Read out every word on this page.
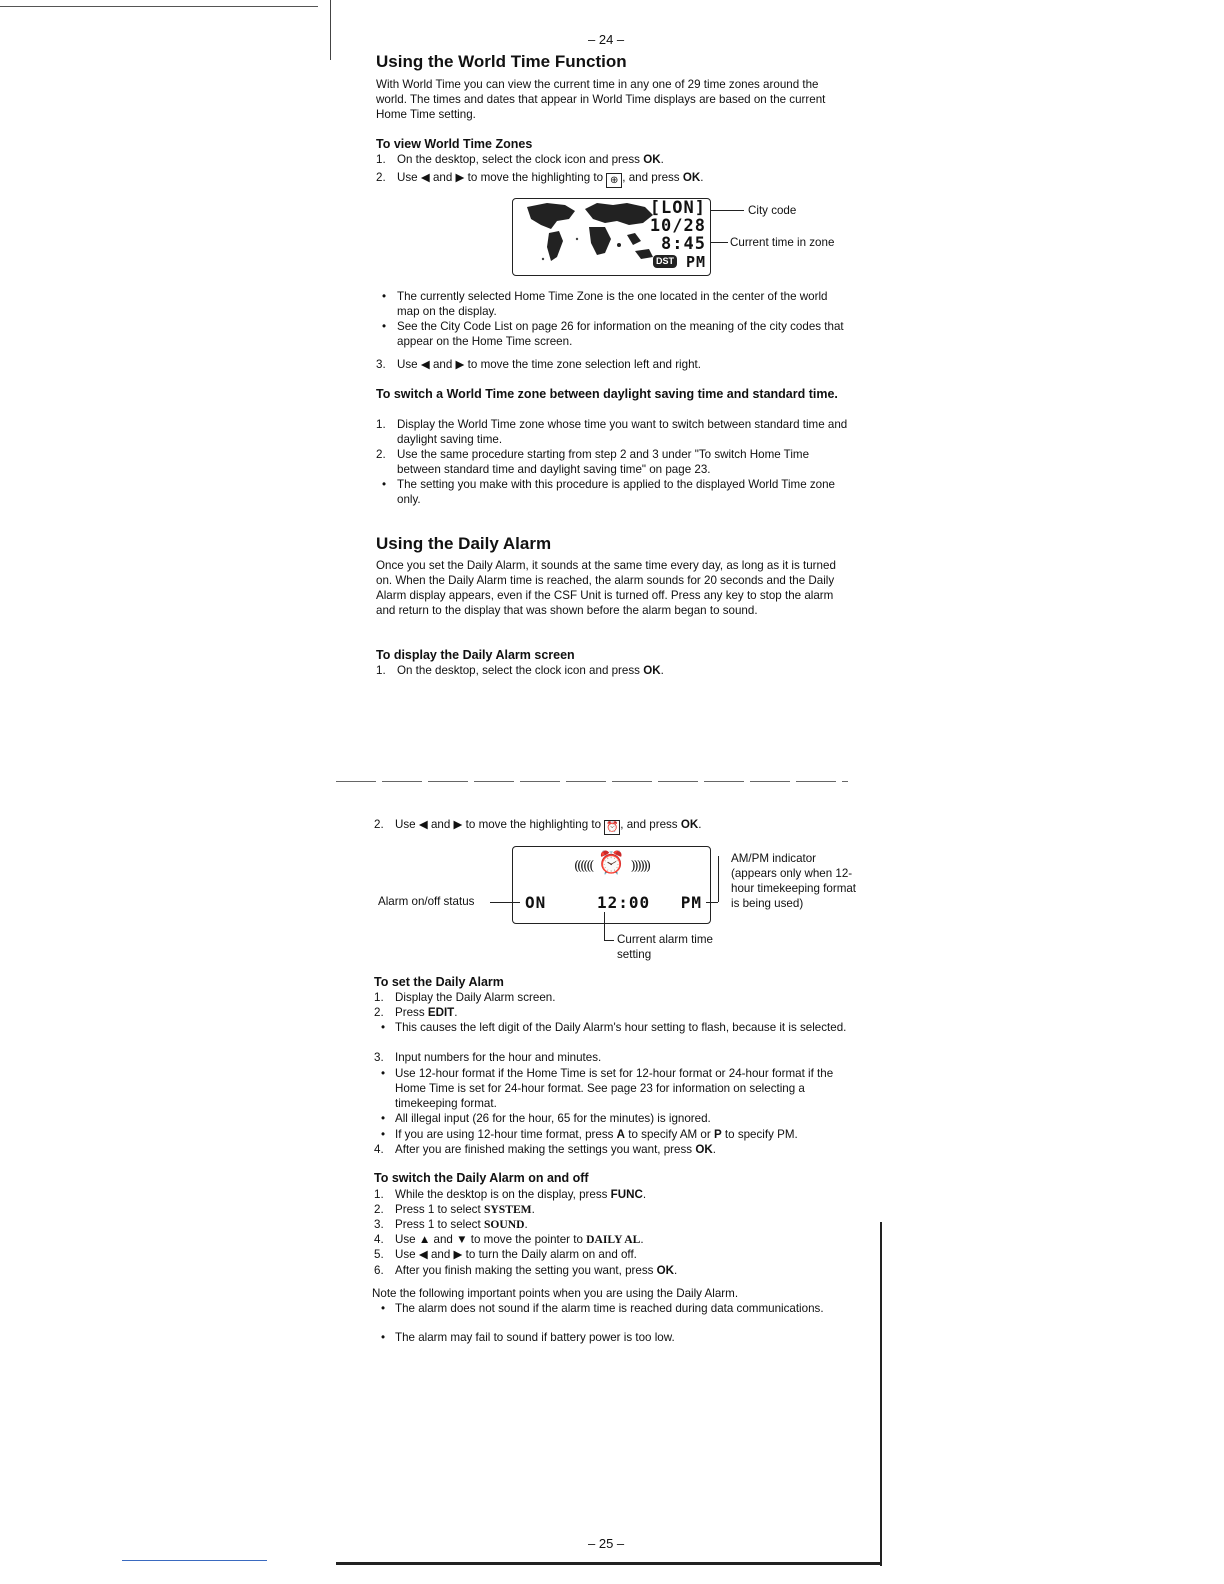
– 24 –
Using the World Time Function

With World Time you can view the current time in any one of 29 time zones around the world. The times and dates that appear in World Time displays are based on the current Home Time setting.

To view World Time Zones
1. On the desktop, select the clock icon and press OK.
2. Use ◀ and ▶ to move the highlighting to ⊕ , and press OK.
[LON]
10/28
8:45
DST PM
City code
Current time in zone
• The currently selected Home Time Zone is the one located in the center of the world map on the display.
• See the City Code List on page 26 for information on the meaning of the city codes that appear on the Home Time screen.
3. Use ◀ and ▶ to move the time zone selection left and right.
To switch a World Time zone between daylight saving time and standard time.
1. Display the World Time zone whose time you want to switch between standard time and daylight saving time.
2. Use the same procedure starting from step 2 and 3 under "To switch Home Time between standard time and daylight saving time" on page 23.
• The setting you make with this procedure is applied to the displayed World Time zone only.
Using the Daily Alarm

Once you set the Daily Alarm, it sounds at the same time every day, as long as it is turned on. When the Daily Alarm time is reached, the alarm sounds for 20 seconds and the Daily Alarm display appears, even if the CSF Unit is turned off. Press any key to stop the alarm and return to the display that was shown before the alarm began to sound.

To display the Daily Alarm screen
1. On the desktop, select the clock icon and press OK.
2. Use ◀ and ▶ to move the highlighting to ⏰ , and press OK.
(((((( ⏰ ))))))
ON	12:00 PM
Alarm on/off status
AM/PM indicator (appears only when 12-hour timekeeping format is being used)
Current alarm time setting
To set the Daily Alarm
1. Display the Daily Alarm screen.
2. Press EDIT.
• This causes the left digit of the Daily Alarm's hour setting to flash, because it is selected.
3. Input numbers for the hour and minutes.
• Use 12-hour format if the Home Time is set for 12-hour format or 24-hour format if the Home Time is set for 24-hour format. See page 23 for information on selecting a timekeeping format.
• All illegal input (26 for the hour, 65 for the minutes) is ignored.
• If you are using 12-hour time format, press A to specify AM or P to specify PM.
4. After you are finished making the settings you want, press OK.
To switch the Daily Alarm on and off
1. While the desktop is on the display, press FUNC.
2. Press 1 to select SYSTEM.
3. Press 1 to select SOUND.
4. Use ▲ and ▼ to move the pointer to DAILY AL.
5. Use ◀ and ▶ to turn the Daily alarm on and off.
6. After you finish making the setting you want, press OK.

Note the following important points when you are using the Daily Alarm.

• The alarm does not sound if the alarm time is reached during data communications.
• The alarm may fail to sound if battery power is too low.
– 25 –
